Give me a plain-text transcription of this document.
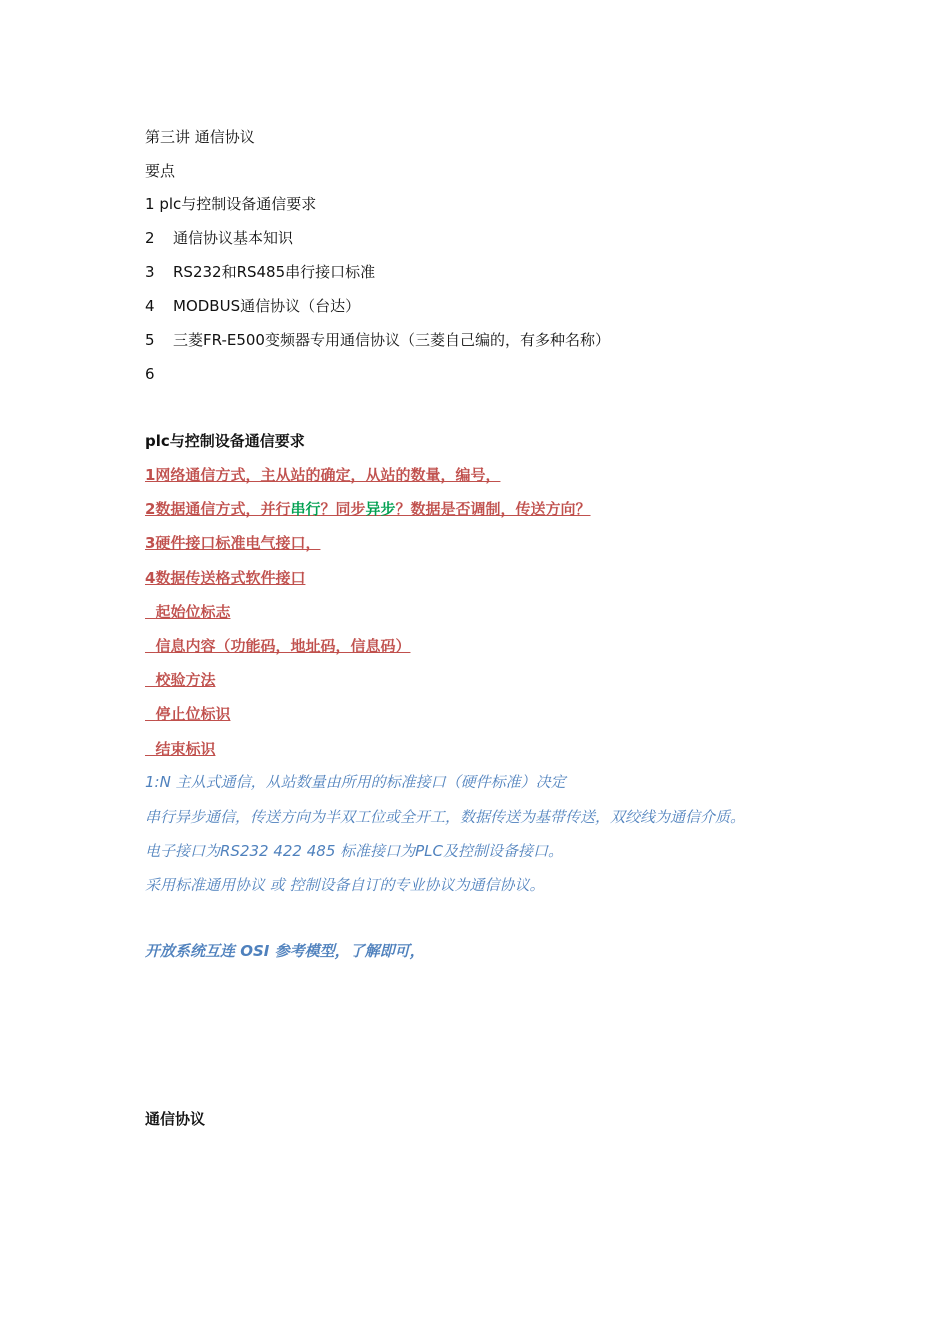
第三讲 通信协议
要点
1 plc与控制设备通信要求
2 通信协议基本知识
3 RS232和RS485串行接口标准
4 MODBUS通信协议（台达）
5 三菱FR-E500变频器专用通信协议（三菱自己编的，有多种名称）
6
plc与控制设备通信要求
1网络通信方式，主从站的确定，从站的数量，编号，
2数据通信方式，并行串行？同步异步？数据是否调制，传送方向？
3硬件接口标准电气接口，
4数据传送格式软件接口
起始位标志
信息内容（功能码，地址码，信息码）
校验方法
停止位标识
结束标识
1:N 主从式通信，从站数量由所用的标准接口（硬件标准）决定
串行异步通信，传送方向为半双工位或全开工，数据传送为基带传送，双绞线为通信介质。
电子接口为RS232 422 485 标准接口为PLC及控制设备接口。
采用标准通用协议 或 控制设备自订的专业协议为通信协议。
开放系统互连 OSI 参考模型，了解即可，
通信协议
